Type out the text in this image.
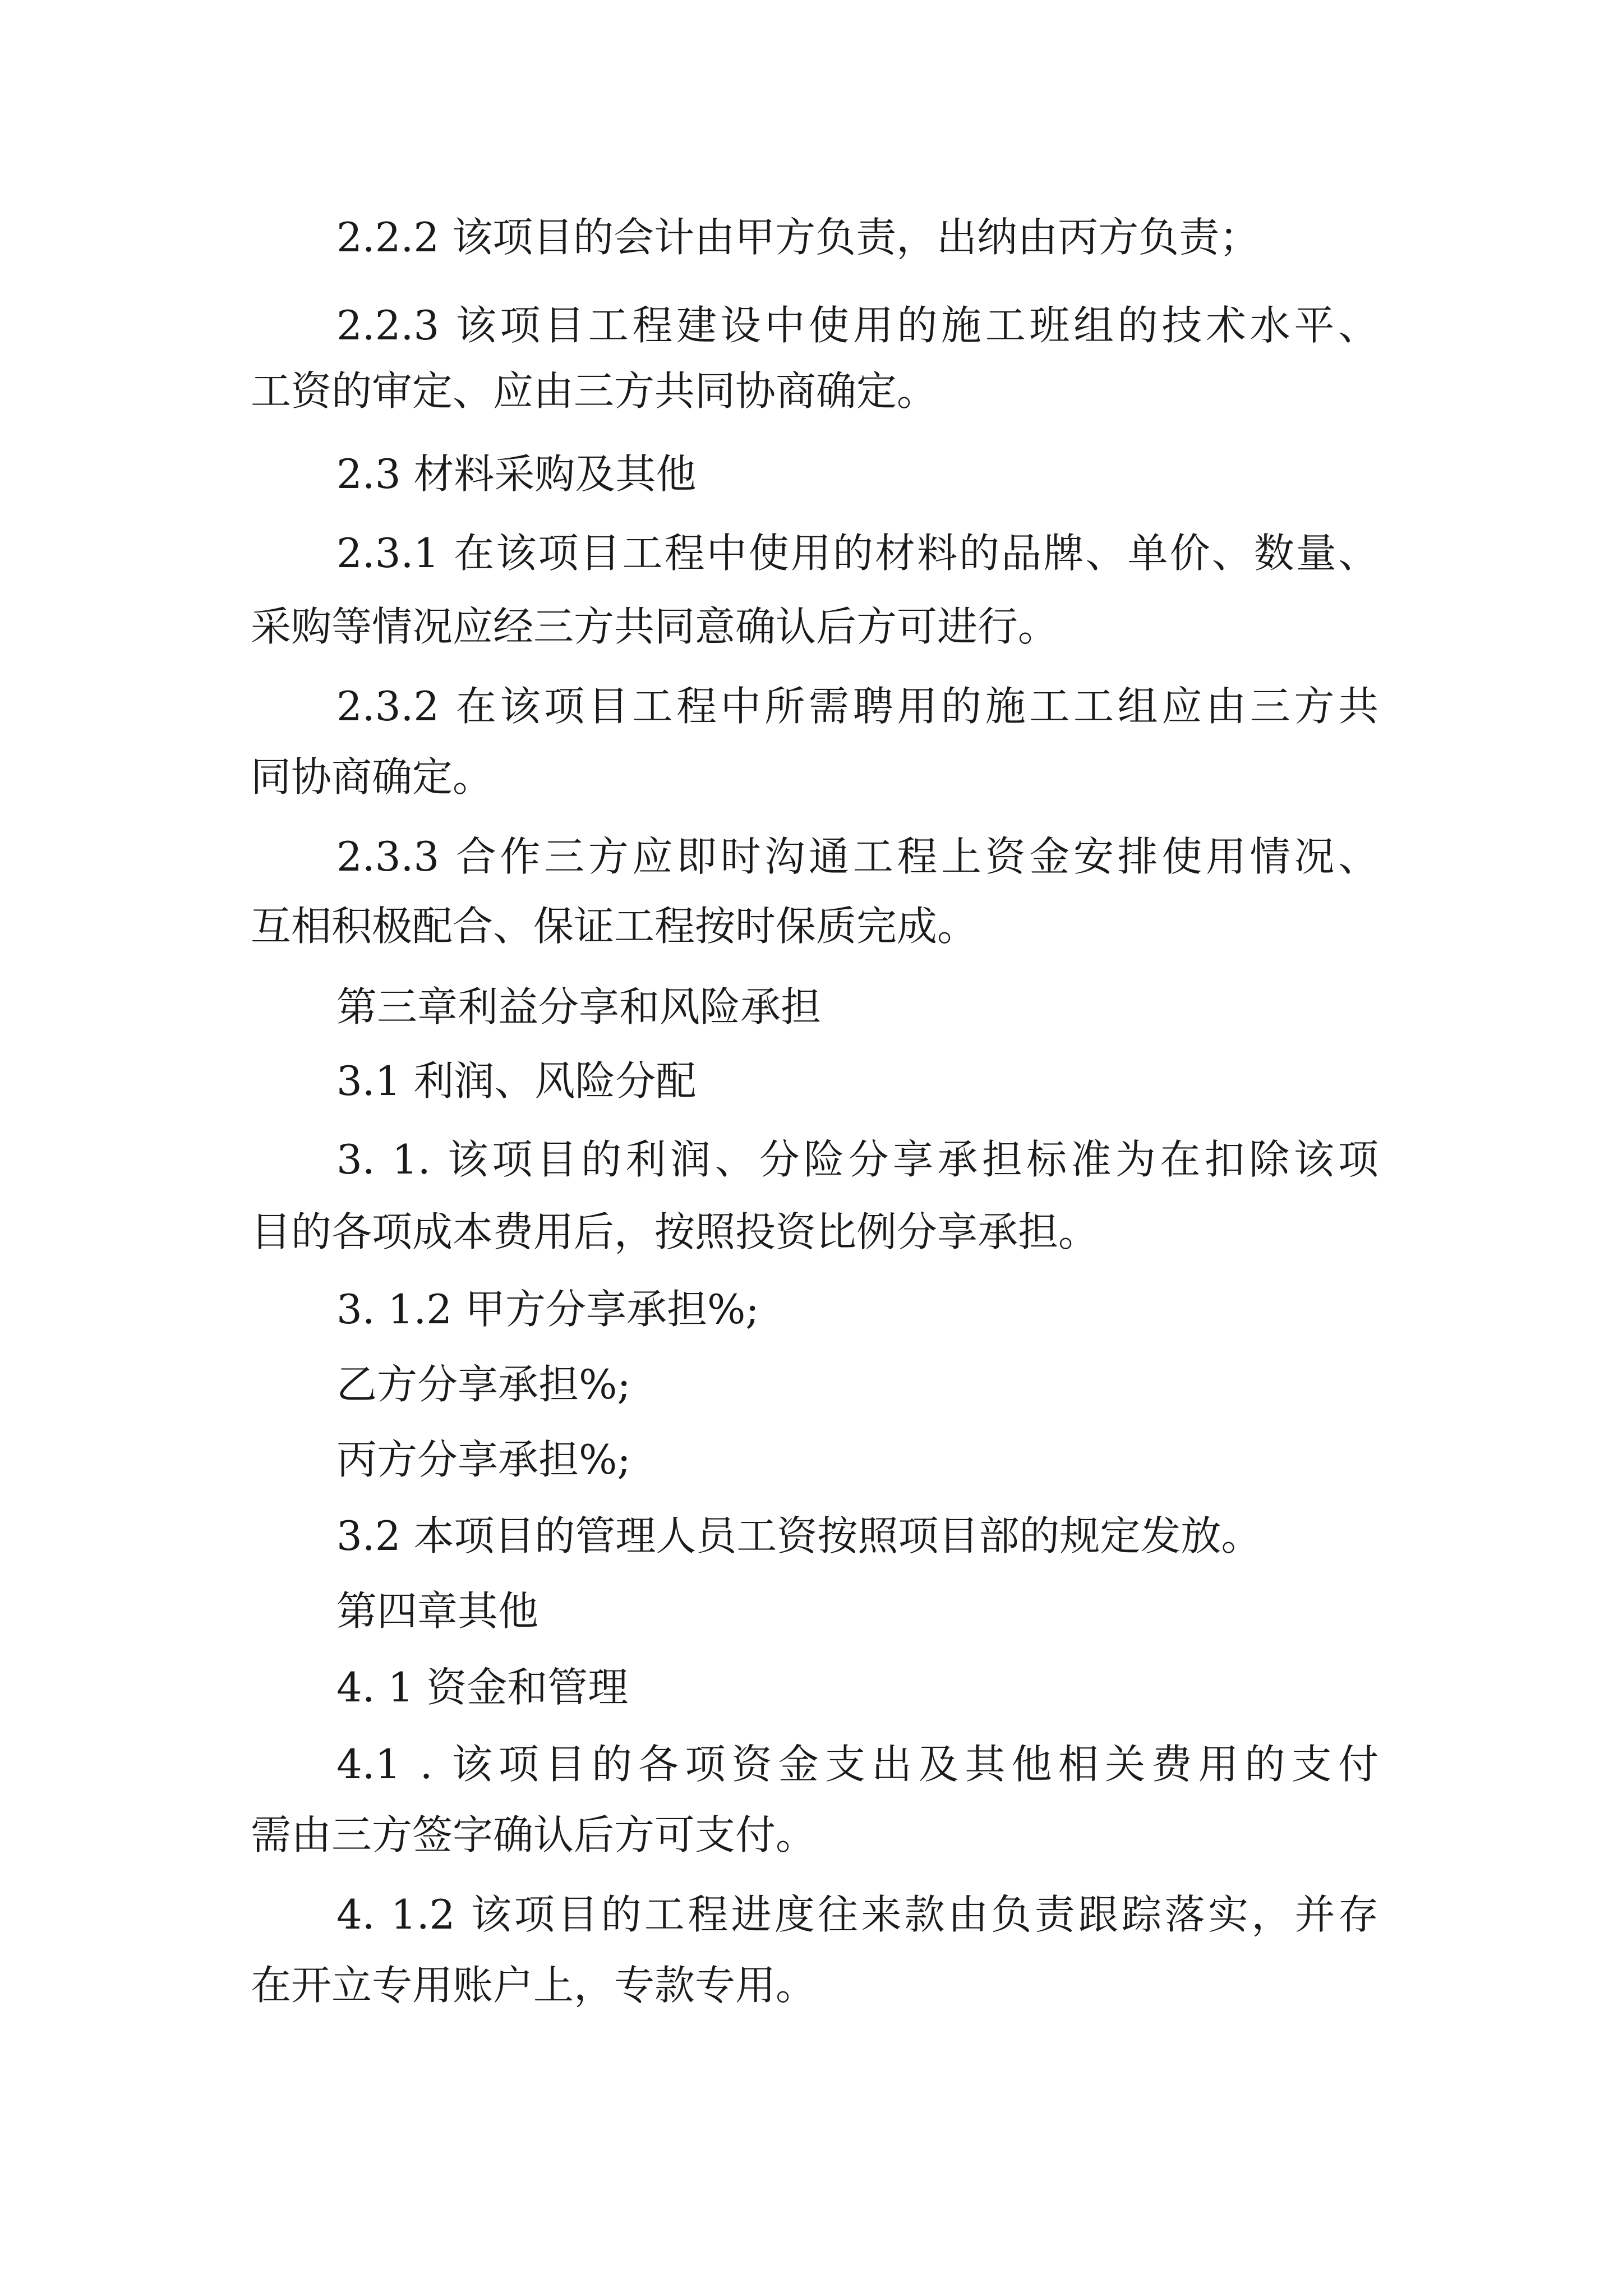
2.2.2 该项目的会计由甲方负责，出纳由丙方负责；
2.2.3 该项目工程建设中使用的施工班组的技术水平、
工资的审定、应由三方共同协商确定。
2.3 材料采购及其他
2.3.1 在该项目工程中使用的材料的品牌、单价、数量、
采购等情况应经三方共同意确认后方可进行。
2.3.2 在该项目工程中所需聘用的施工工组应由三方共
同协商确定。
2.3.3 合作三方应即时沟通工程上资金安排使用情况、
互相积极配合、保证工程按时保质完成。
第三章利益分享和风险承担
3.1 利润、风险分配
3. 1. 该项目的利润、分险分享承担标准为在扣除该项
目的各项成本费用后，按照投资比例分享承担。
3. 1.2 甲方分享承担%;
乙方分享承担%;
丙方分享承担%;
3.2 本项目的管理人员工资按照项目部的规定发放。
第四章其他
4. 1 资金和管理
4.1 . 该项目的各项资金支出及其他相关费用的支付
需由三方签字确认后方可支付。
4. 1.2 该项目的工程进度往来款由负责跟踪落实，并存
在开立专用账户上，专款专用。
